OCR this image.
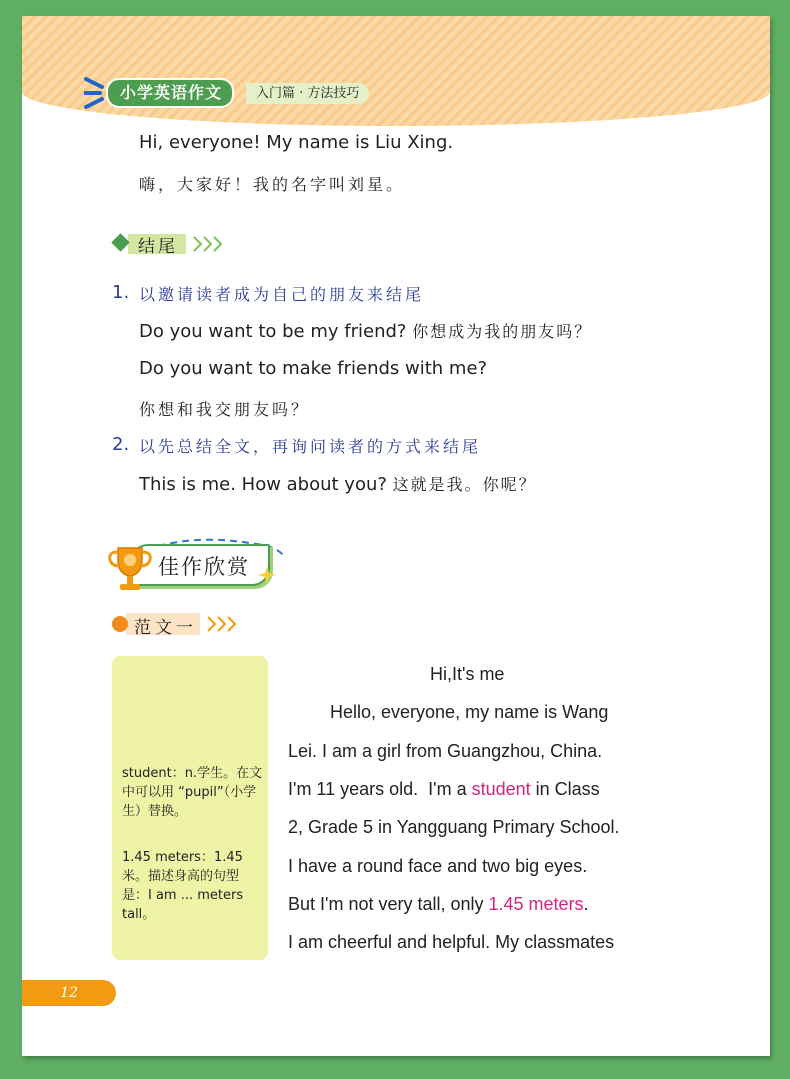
入门篇 · 方法技巧
小学英语作文
Hi, everyone! My name is Liu Xing.
嗨，大家好！我的名字叫刘星。
结尾
1. 以邀请读者成为自己的朋友来结尾
Do you want to be my friend? 你想成为我的朋友吗？
Do you want to make friends with me?
你想和我交朋友吗？
2. 以先总结全文，再询问读者的方式来结尾
This is me. How about you? 这就是我。你呢？
佳作欣赏
范文一
student：n.学生。在文中可以用 “pupil”（小学生）替换。
1.45 meters：1.45 米。描述身高的句型是：I am ... meters tall。
Hi,It's me
Hello, everyone, my name is Wang
Lei. I am a girl from Guangzhou, China.
I'm 11 years old.  I'm a student in Class
2, Grade 5 in Yangguang Primary School.
I have a round face and two big eyes.
But I'm not very tall, only 1.45 meters.
I am cheerful and helpful. My classmates
12
